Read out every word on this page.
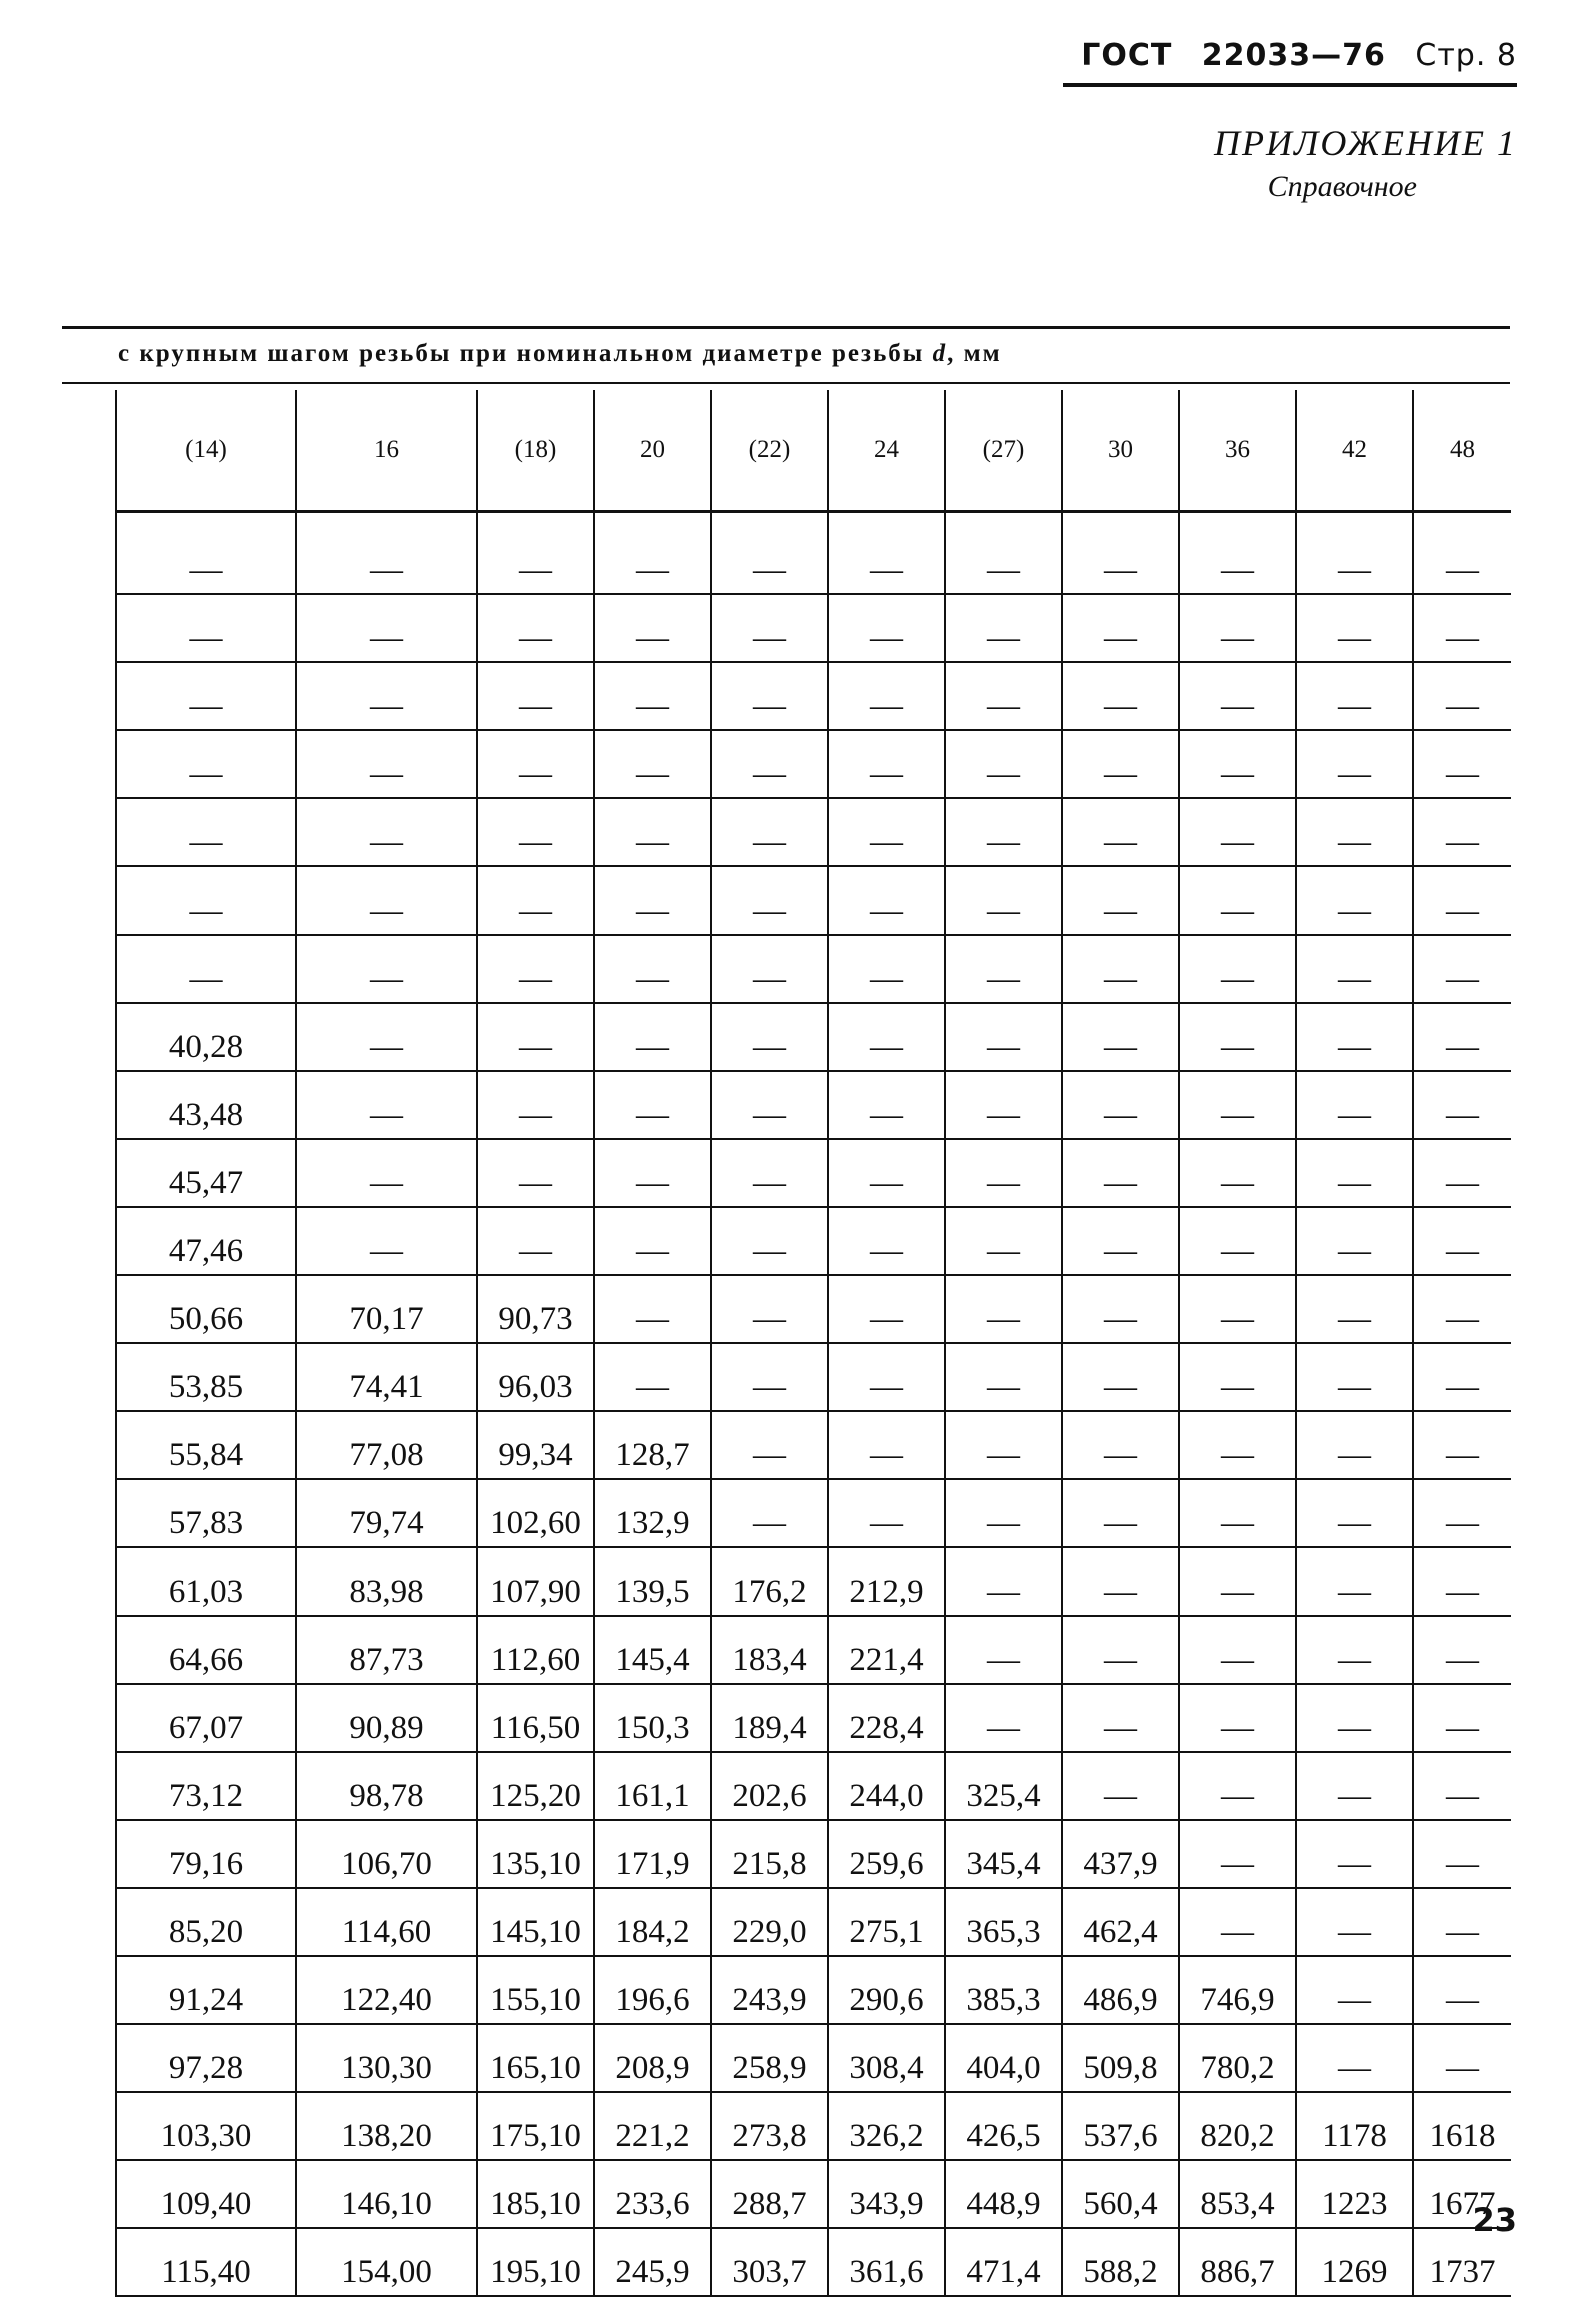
ГОСТ 22033—76 Стр. 8
ПРИЛОЖЕНИЕ 1
Справочное
с крупным шагом резьбы при номинальном диаметре резьбы d, мм
(14)	16	(18)	20	(22)	24	(27)	30	36	42	48
—	—	—	—	—	—	—	—	—	—	—
—	—	—	—	—	—	—	—	—	—	—
—	—	—	—	—	—	—	—	—	—	—
—	—	—	—	—	—	—	—	—	—	—
—	—	—	—	—	—	—	—	—	—	—
—	—	—	—	—	—	—	—	—	—	—
—	—	—	—	—	—	—	—	—	—	—
40,28	—	—	—	—	—	—	—	—	—	—
43,48	—	—	—	—	—	—	—	—	—	—
45,47	—	—	—	—	—	—	—	—	—	—
47,46	—	—	—	—	—	—	—	—	—	—
50,66	70,17	90,73	—	—	—	—	—	—	—	—
53,85	74,41	96,03	—	—	—	—	—	—	—	—
55,84	77,08	99,34	128,7	—	—	—	—	—	—	—
57,83	79,74	102,60	132,9	—	—	—	—	—	—	—
61,03	83,98	107,90	139,5	176,2	212,9	—	—	—	—	—
64,66	87,73	112,60	145,4	183,4	221,4	—	—	—	—	—
67,07	90,89	116,50	150,3	189,4	228,4	—	—	—	—	—
73,12	98,78	125,20	161,1	202,6	244,0	325,4	—	—	—	—
79,16	106,70	135,10	171,9	215,8	259,6	345,4	437,9	—	—	—
85,20	114,60	145,10	184,2	229,0	275,1	365,3	462,4	—	—	—
91,24	122,40	155,10	196,6	243,9	290,6	385,3	486,9	746,9	—	—
97,28	130,30	165,10	208,9	258,9	308,4	404,0	509,8	780,2	—	—
103,30	138,20	175,10	221,2	273,8	326,2	426,5	537,6	820,2	1178	1618
109,40	146,10	185,10	233,6	288,7	343,9	448,9	560,4	853,4	1223	1677
115,40	154,00	195,10	245,9	303,7	361,6	471,4	588,2	886,7	1269	1737
23
